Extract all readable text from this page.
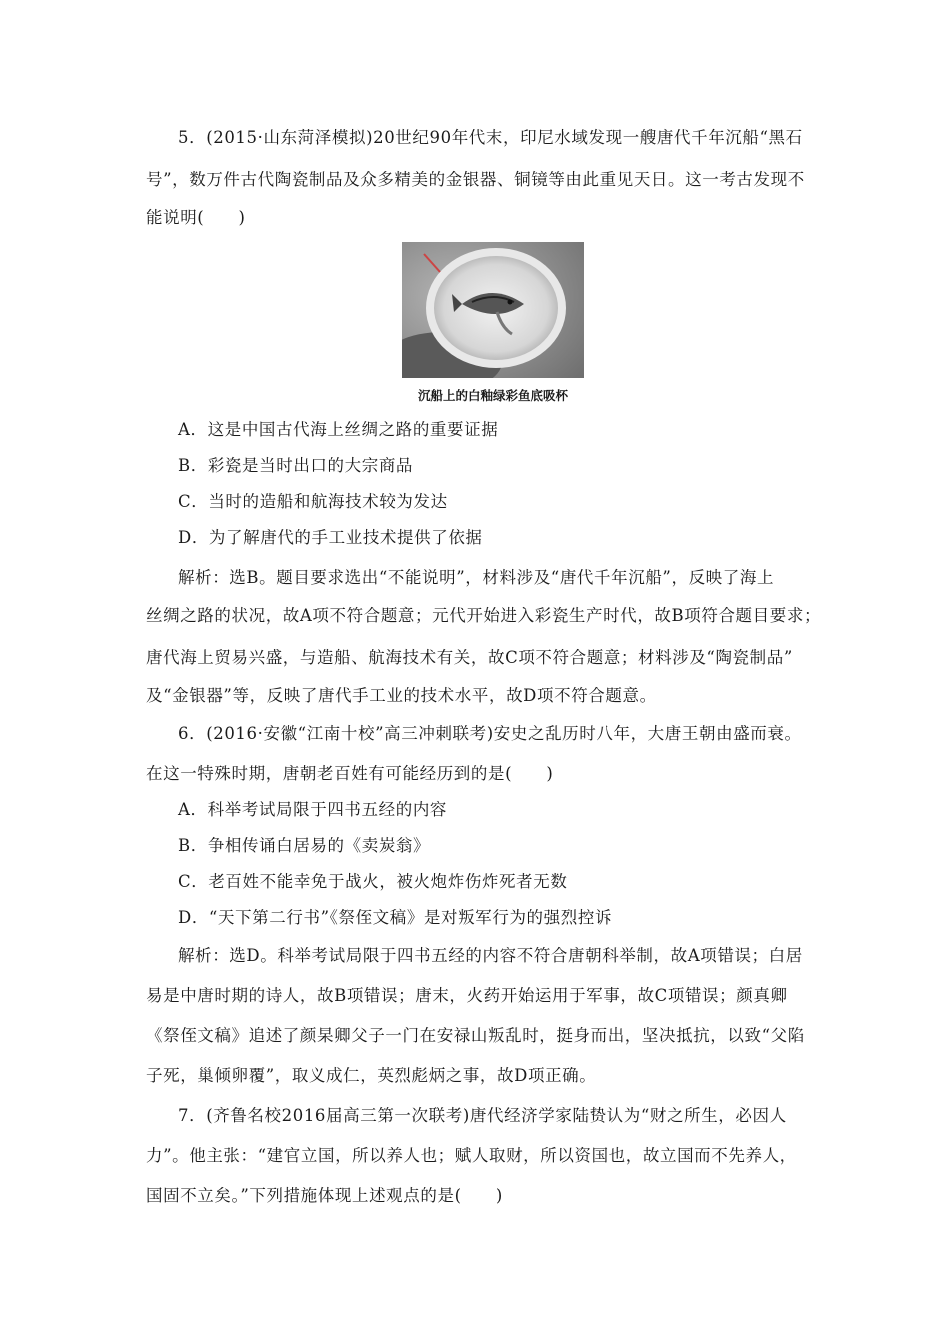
5．(2015·山东菏泽模拟)20世纪90年代末，印尼水域发现一艘唐代千年沉船“黑石
号”，数万件古代陶瓷制品及众多精美的金银器、铜镜等由此重见天日。这一考古发现不
能说明(　　)
沉船上的白釉绿彩鱼底吸杯
A．这是中国古代海上丝绸之路的重要证据
B．彩瓷是当时出口的大宗商品
C．当时的造船和航海技术较为发达
D．为了解唐代的手工业技术提供了依据
解析：选B。题目要求选出“不能说明”，材料涉及“唐代千年沉船”，反映了海上
丝绸之路的状况，故A项不符合题意；元代开始进入彩瓷生产时代，故B项符合题目要求；
唐代海上贸易兴盛，与造船、航海技术有关，故C项不符合题意；材料涉及“陶瓷制品”
及“金银器”等，反映了唐代手工业的技术水平，故D项不符合题意。
6．(2016·安徽“江南十校”高三冲刺联考)安史之乱历时八年，大唐王朝由盛而衰。
在这一特殊时期，唐朝老百姓有可能经历到的是(　　)
A．科举考试局限于四书五经的内容
B．争相传诵白居易的《卖炭翁》
C．老百姓不能幸免于战火，被火炮炸伤炸死者无数
D．“天下第二行书”《祭侄文稿》是对叛军行为的强烈控诉
解析：选D。科举考试局限于四书五经的内容不符合唐朝科举制，故A项错误；白居
易是中唐时期的诗人，故B项错误；唐末，火药开始运用于军事，故C项错误；颜真卿
《祭侄文稿》追述了颜杲卿父子一门在安禄山叛乱时，挺身而出，坚决抵抗，以致“父陷
子死，巢倾卵覆”，取义成仁，英烈彪炳之事，故D项正确。
7．(齐鲁名校2016届高三第一次联考)唐代经济学家陆贽认为“财之所生，必因人
力”。他主张：“建官立国，所以养人也；赋人取财，所以资国也，故立国而不先养人，
国固不立矣。”下列措施体现上述观点的是(　　)
